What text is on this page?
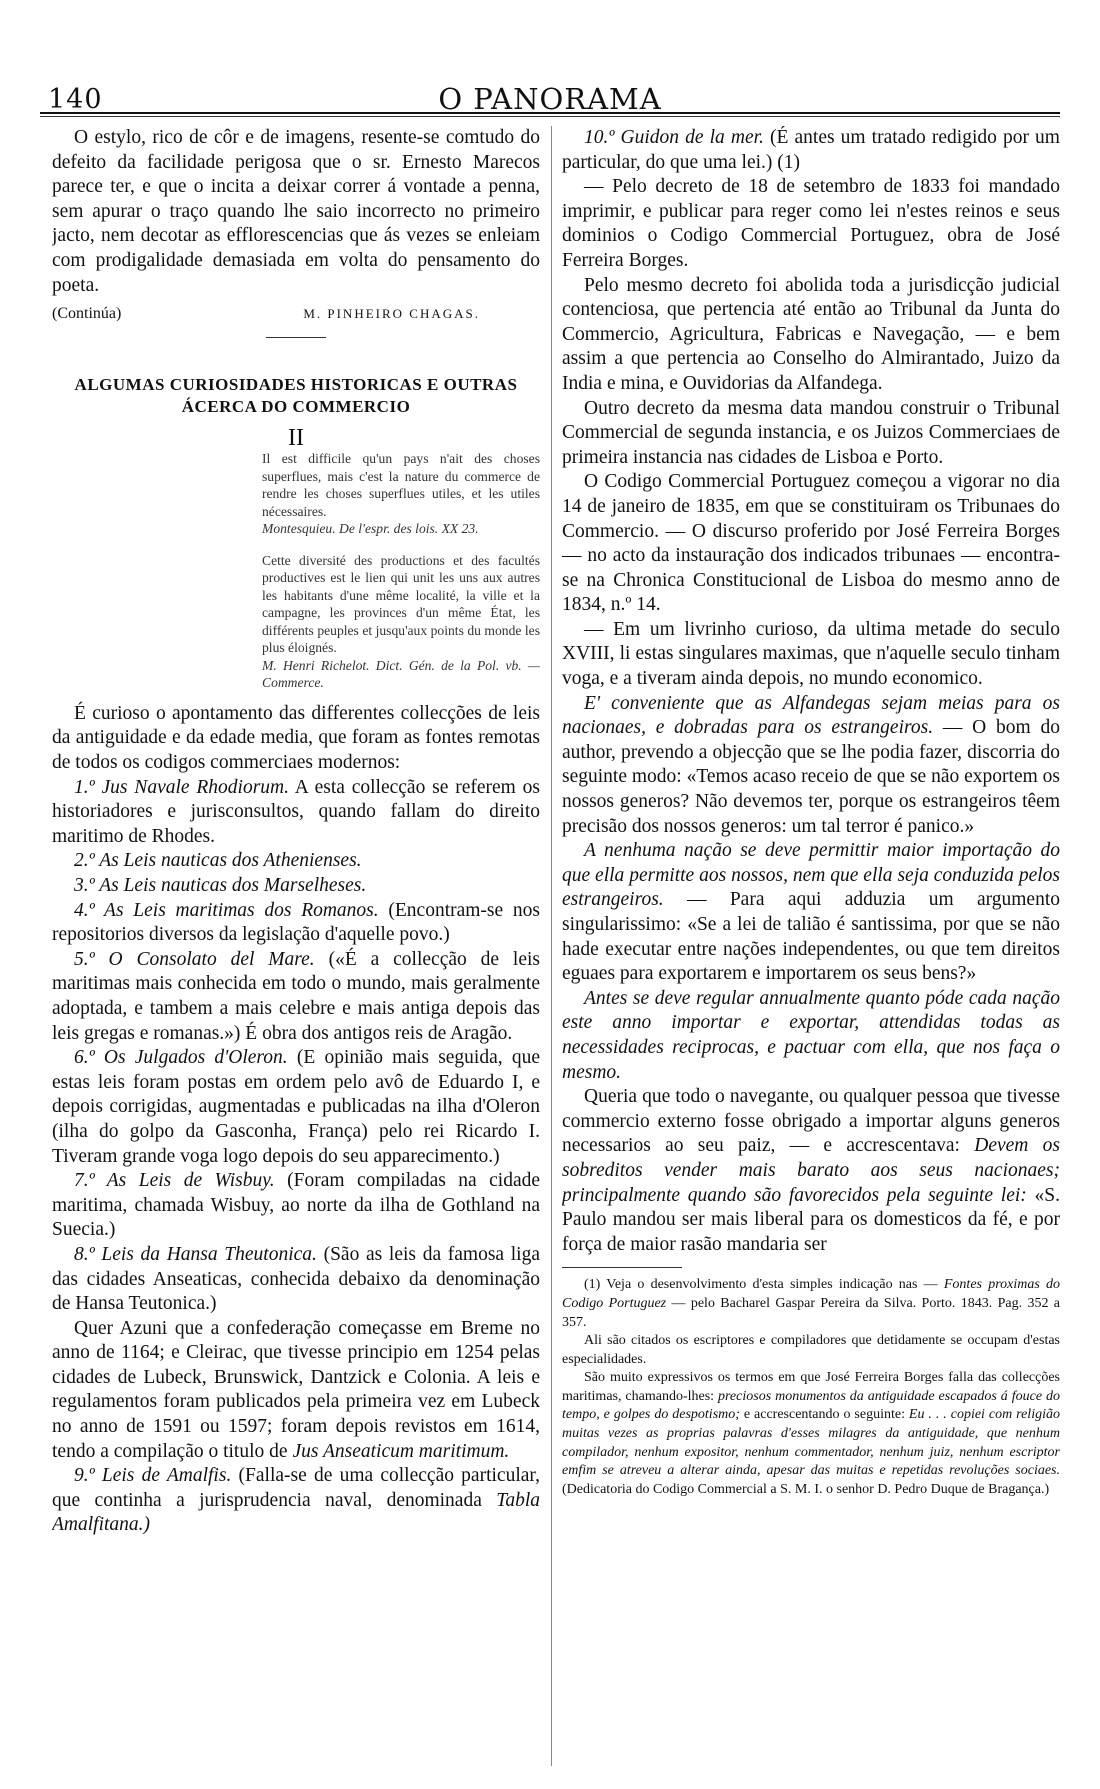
140	O PANORAMA

O estylo, rico de côr e de imagens, resente-se comtudo do defeito da facilidade perigosa que o sr. Ernesto Marecos parece ter, e que o incita a deixar correr á vontade a penna, sem apurar o traço quando lhe saio incorrecto no primeiro jacto, nem decotar as efflorescencias que ás vezes se enleiam com prodigalidade demasiada em volta do pensamento do poeta.

(Continúa)	M. PINHEIRO CHAGAS.
ALGUMAS CURIOSIDADES HISTORICAS E OUTRAS ÁCERCA DO COMMERCIO
II
Il est difficile qu'un pays n'ait des choses superflues, mais c'est la nature du commerce de rendre les choses superflues utiles, et les utiles nécessaires.
Montesquieu. De l'espr. des lois. XX 23.
Cette diversité des productions et des facultés productives est le lien qui unit les uns aux autres les habitants d'une même localité, la ville et la campagne, les provinces d'un même État, les différents peuples et jusqu'aux points du monde les plus éloignés.
M. Henri Richelot. Dict. Gén. de la Pol. vb. — Commerce.

É curioso o apontamento das differentes collecções de leis da antiguidade e da edade media, que foram as fontes remotas de todos os codigos commerciaes modernos:

1.º Jus Navale Rhodiorum. A esta collecção se referem os historiadores e jurisconsultos, quando fallam do direito maritimo de Rhodes.

2.º As Leis nauticas dos Athenienses.

3.º As Leis nauticas dos Marselheses.

4.º As Leis maritimas dos Romanos. (Encontram-se nos repositorios diversos da legislação d'aquelle povo.)

5.º O Consolato del Mare. («É a collecção de leis maritimas mais conhecida em todo o mundo, mais geralmente adoptada, e tambem a mais celebre e mais antiga depois das leis gregas e romanas.») É obra dos antigos reis de Aragão.

6.º Os Julgados d'Oleron. (E opinião mais seguida, que estas leis foram postas em ordem pelo avô de Eduardo I, e depois corrigidas, augmentadas e publicadas na ilha d'Oleron (ilha do golpo da Gasconha, França) pelo rei Ricardo I. Tiveram grande voga logo depois do seu apparecimento.)

7.º As Leis de Wisbuy. (Foram compiladas na cidade maritima, chamada Wisbuy, ao norte da ilha de Gothland na Suecia.)

8.º Leis da Hansa Theutonica. (São as leis da famosa liga das cidades Anseaticas, conhecida debaixo da denominação de Hansa Teutonica.)

Quer Azuni que a confederação começasse em Breme no anno de 1164; e Cleirac, que tivesse principio em 1254 pelas cidades de Lubeck, Brunswick, Dantzick e Colonia. A leis e regulamentos foram publicados pela primeira vez em Lubeck no anno de 1591 ou 1597; foram depois revistos em 1614, tendo a compilação o titulo de Jus Anseaticum maritimum.

9.º Leis de Amalfis. (Falla-se de uma collecção particular, que continha a jurisprudencia naval, denominada Tabla Amalfitana.)

10.º Guidon de la mer. (É antes um tratado redigido por um particular, do que uma lei.) (1)

— Pelo decreto de 18 de setembro de 1833 foi mandado imprimir, e publicar para reger como lei n'estes reinos e seus dominios o Codigo Commercial Portuguez, obra de José Ferreira Borges.

Pelo mesmo decreto foi abolida toda a jurisdicção judicial contenciosa, que pertencia até então ao Tribunal da Junta do Commercio, Agricultura, Fabricas e Navegação, — e bem assim a que pertencia ao Conselho do Almirantado, Juizo da India e mina, e Ouvidorias da Alfandega.

Outro decreto da mesma data mandou construir o Tribunal Commercial de segunda instancia, e os Juizos Commerciaes de primeira instancia nas cidades de Lisboa e Porto.

O Codigo Commercial Portuguez começou a vigorar no dia 14 de janeiro de 1835, em que se constituiram os Tribunaes do Commercio. — O discurso proferido por José Ferreira Borges — no acto da instauração dos indicados tribunaes — encontra-se na Chronica Constitucional de Lisboa do mesmo anno de 1834, n.º 14.

— Em um livrinho curioso, da ultima metade do seculo XVIII, li estas singulares maximas, que n'aquelle seculo tinham voga, e a tiveram ainda depois, no mundo economico.

E' conveniente que as Alfandegas sejam meias para os nacionaes, e dobradas para os estrangeiros. — O bom do author, prevendo a objecção que se lhe podia fazer, discorria do seguinte modo: «Temos acaso receio de que se não exportem os nossos generos? Não devemos ter, porque os estrangeiros têem precisão dos nossos generos: um tal terror é panico.»

A nenhuma nação se deve permittir maior importação do que ella permitte aos nossos, nem que ella seja conduzida pelos estrangeiros. — Para aqui adduzia um argumento singularissimo: «Se a lei de talião é santissima, por que se não hade executar entre nações independentes, ou que tem direitos eguaes para exportarem e importarem os seus bens?»

Antes se deve regular annualmente quanto póde cada nação este anno importar e exportar, attendidas todas as necessidades reciprocas, e pactuar com ella, que nos faça o mesmo.

Queria que todo o navegante, ou qualquer pessoa que tivesse commercio externo fosse obrigado a importar alguns generos necessarios ao seu paiz, — e accrescentava: Devem os sobreditos vender mais barato aos seus nacionaes; principalmente quando são favorecidos pela seguinte lei: «S. Paulo mandou ser mais liberal para os domesticos da fé, e por força de maior rasão mandaria ser

(1) Veja o desenvolvimento d'esta simples indicação nas — Fontes proximas do Codigo Portuguez — pelo Bacharel Gaspar Pereira da Silva. Porto. 1843. Pag. 352 a 357.

Ali são citados os escriptores e compiladores que detidamente se occupam d'estas especialidades.

São muito expressivos os termos em que José Ferreira Borges falla das collecções maritimas, chamando-lhes: preciosos monumentos da antiguidade escapados á fouce do tempo, e golpes do despotismo; e accrescentando o seguinte: Eu . . . copiei com religião muitas vezes as proprias palavras d'esses milagres da antiguidade, que nenhum compilador, nenhum expositor, nenhum commentador, nenhum juiz, nenhum escriptor emfim se atreveu a alterar ainda, apesar das muitas e repetidas revoluções sociaes. (Dedicatoria do Codigo Commercial a S. M. I. o senhor D. Pedro Duque de Bragança.)
